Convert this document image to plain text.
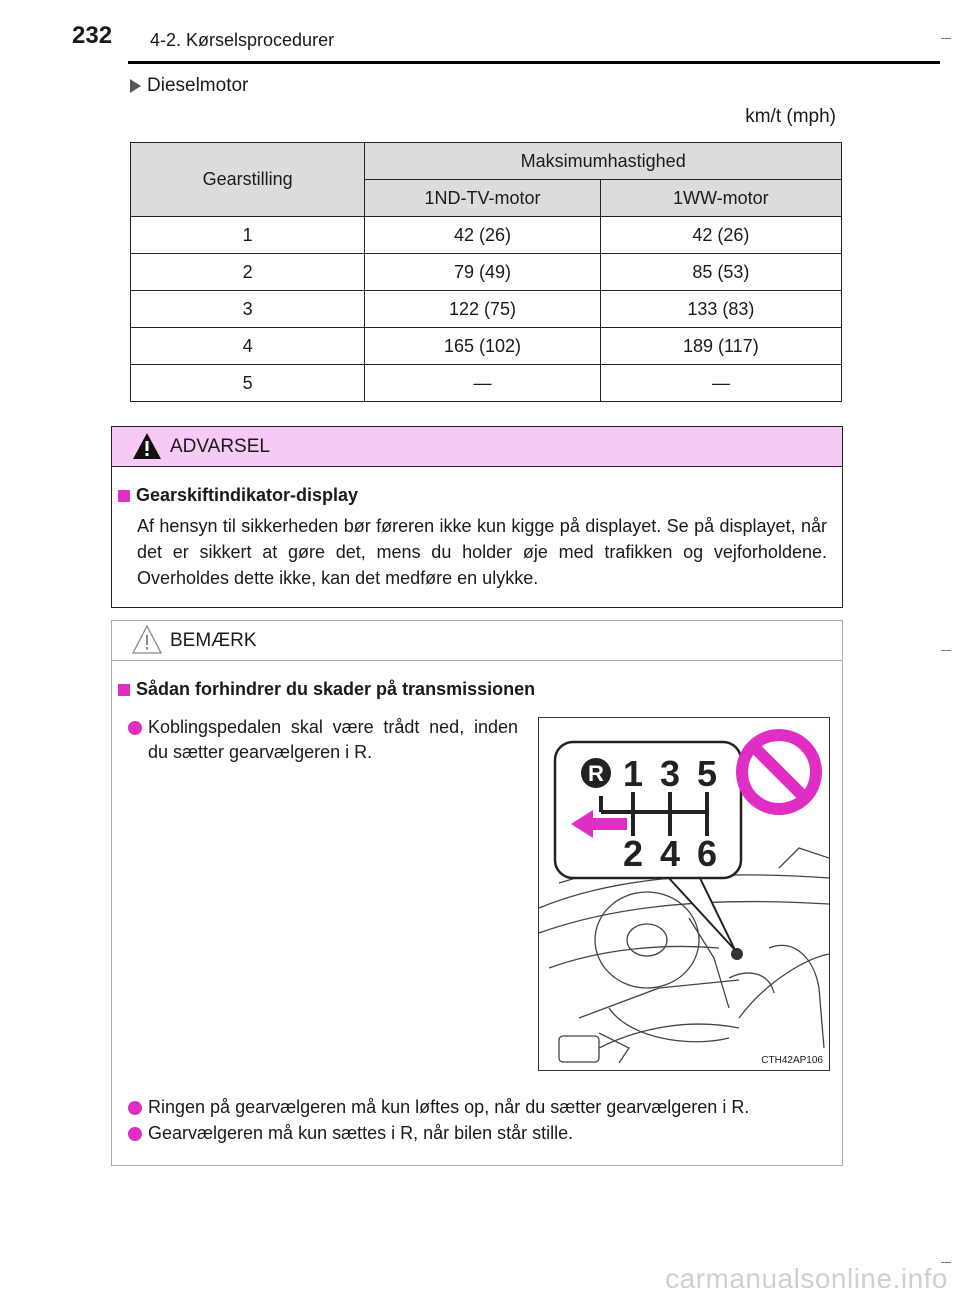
232 4-2. Kørselsprocedurer
Dieselmotor
km/t (mph)
Gearstilling	Maksimumhastighed	
	1ND-TV-motor	1WW-motor
1	42 (26)	42 (26)
2	79 (49)	85 (53)
3	122 (75)	133 (83)
4	165 (102)	189 (117)
5	—	—
ADVARSEL
Gearskiftindikator-display
Af hensyn til sikkerheden bør føreren ikke kun kigge på displayet. Se på displayet, når det er sikkert at gøre det, mens du holder øje med trafikken og vejforholdene. Overholdes dette ikke, kan det medføre en ulykke.
BEMÆRK
Sådan forhindrer du skader på transmissionen
Koblingspedalen skal være trådt ned, inden du sætter gearvælgeren i R.
R 1 3 5
2 4 6
CTH42AP106
Ringen på gearvælgeren må kun løftes op, når du sætter gearvælgeren i R.
Gearvælgeren må kun sættes i R, når bilen står stille.
carmanualsonline.info
